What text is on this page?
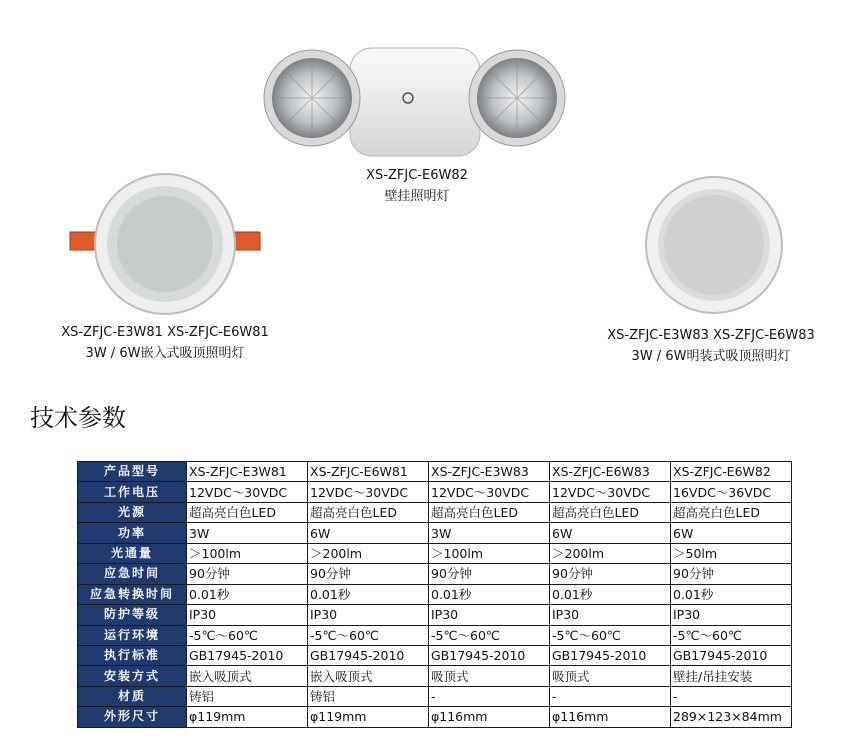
XS-ZFJC-E6W82
壁挂照明灯
XS-ZFJC-E3W81 XS-ZFJC-E6W81
3W / 6W嵌入式吸顶照明灯
XS-ZFJC-E3W83 XS-ZFJC-E6W83
3W / 6W明装式吸顶照明灯
技术参数
产品型号	XS-ZFJC-E3W81	XS-ZFJC-E6W81	XS-ZFJC-E3W83	XS-ZFJC-E6W83	XS-ZFJC-E6W82
工作电压	12VDC～30VDC	12VDC～30VDC	12VDC～30VDC	12VDC～30VDC	16VDC～36VDC
光源	超高亮白色LED	超高亮白色LED	超高亮白色LED	超高亮白色LED	超高亮白色LED
功率	3W	6W	3W	6W	6W
光通量	＞100lm	＞200lm	＞100lm	＞200lm	＞50lm
应急时间	90分钟	90分钟	90分钟	90分钟	90分钟
应急转换时间	0.01秒	0.01秒	0.01秒	0.01秒	0.01秒
防护等级	IP30	IP30	IP30	IP30	IP30
运行环境	-5℃～60℃	-5℃～60℃	-5℃～60℃	-5℃～60℃	-5℃～60℃
执行标准	GB17945-2010	GB17945-2010	GB17945-2010	GB17945-2010	GB17945-2010
安装方式	嵌入吸顶式	嵌入吸顶式	吸顶式	吸顶式	壁挂/吊挂安装
材质	铸铝	铸铝	-	-	-
外形尺寸	φ119mm	φ119mm	φ116mm	φ116mm	289×123×84mm
